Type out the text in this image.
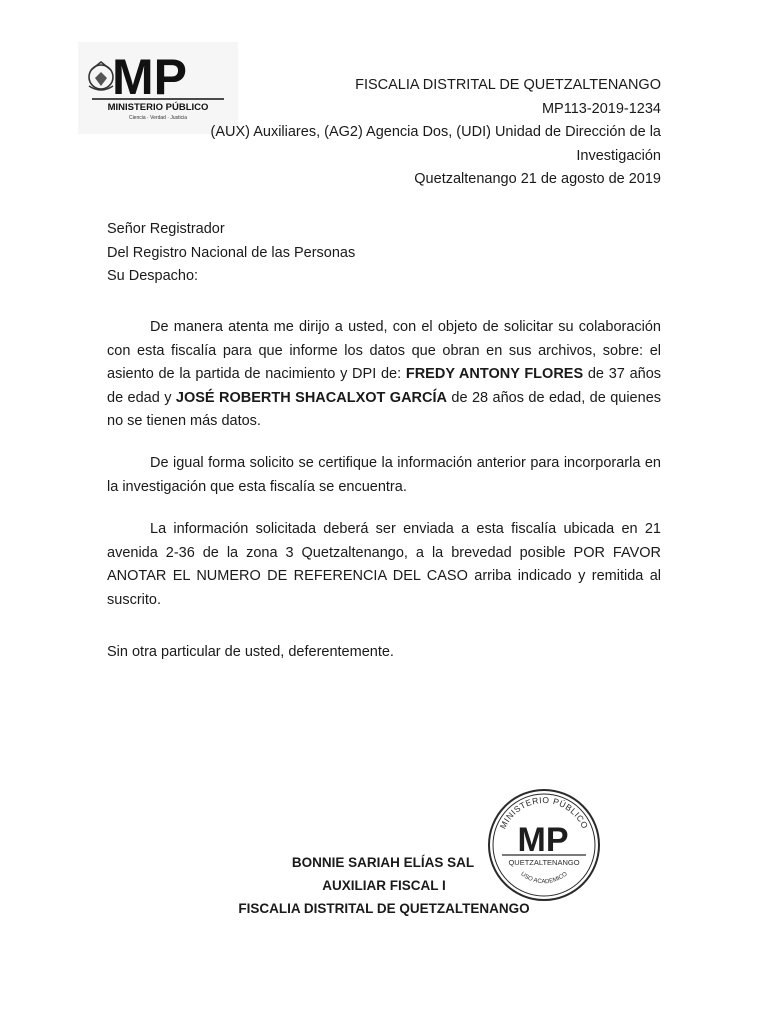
MP
MINISTERIO PÚBLICO
Ciencia · Verdad · Justicia
FISCALIA DISTRITAL DE QUETZALTENANGO
MP113-2019-1234
(AUX) Auxiliares, (AG2) Agencia Dos, (UDI) Unidad de Dirección de la
Investigación
Quetzaltenango 21 de agosto de 2019
Señor Registrador
Del Registro Nacional de las Personas
Su Despacho:
De manera atenta me dirijo a usted, con el objeto de solicitar su colaboración con esta fiscalía para que informe los datos que obran en sus archivos, sobre: el asiento de la partida de nacimiento y DPI de: FREDY ANTONY FLORES de 37 años de edad y JOSÉ ROBERTH SHACALXOT GARCÍA de 28 años de edad, de quienes no se tienen más datos.
De igual forma solicito se certifique la información anterior para incorporarla en la investigación que esta fiscalía se encuentra.
La información solicitada deberá ser enviada a esta fiscalía ubicada en 21 avenida 2-36 de la zona 3 Quetzaltenango, a la brevedad posible POR FAVOR ANOTAR EL NUMERO DE REFERENCIA DEL CASO arriba indicado y remitida al suscrito.
Sin otra particular de usted, deferentemente.
MINISTERIO PÚBLICO
MP
QUETZALTENANGO
USO ACADEMICO
BONNIE SARIAH ELÍAS SAL
AUXILIAR FISCAL I
FISCALIA DISTRITAL DE QUETZALTENANGO
